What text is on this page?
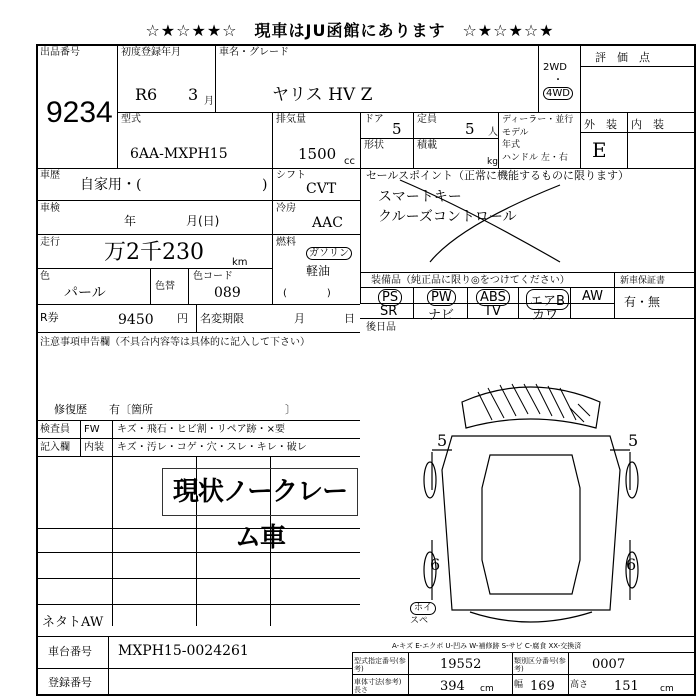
☆★☆★★☆　現車はJU函館にあります　☆★☆★☆★
出品番号
9234
初度登録年月
R6 3 月
車名・グレード
ヤリス HV Z
2WD
・
4WD
評　価　点
外　装 内　装
E
型式
6AA-MXPH15
排気量
1500 cc
ドア
5
定員
5 人
ディーラー・並行
モデル
年式
ハンドル 左・右
形状	積載
kg
車歴
自家用・(	)
シフト
CVT
車検
年	月(日)
冷房
AAC
走行 万2千230	km
燃料
ガソリン
軽油
(　　　　)
色
パール	色替
色コード
089
セールスポイント（正常に機能するものに限ります）
スマートキー
クルーズコントロール
装備品（純正品に限り◎をつけてください）	新車保証書
有・無
PS	PW	ABS	エアB	AW
SR ナビ TV カワ
R券	9450 円 名変期限	月	日
後日品
注意事項申告欄（不具合内容等は具体的に記入して下さい）
修復歴　　有〔箇所　　　　　　　　　　　　〕
検査員 FW キズ・飛石・ヒビ割・リペア跡・×要
記入欄 内装 キズ・汚レ・コゲ・穴・スレ・キレ・破レ
現状ノークレーム車
ネタトAW
車台番号 MXPH15-0024261
登録番号
A-キズ E-エクボ U-凹み W-補修跡 S-サビ C-腐食 XX-交換済
型式指定番号(参考)	19552	類別区分番号(参考)	0007
車体寸法(参考) 長さ	394 cm 幅 169 高さ 151 cm
5	5
6	6
ホイ
スペ
